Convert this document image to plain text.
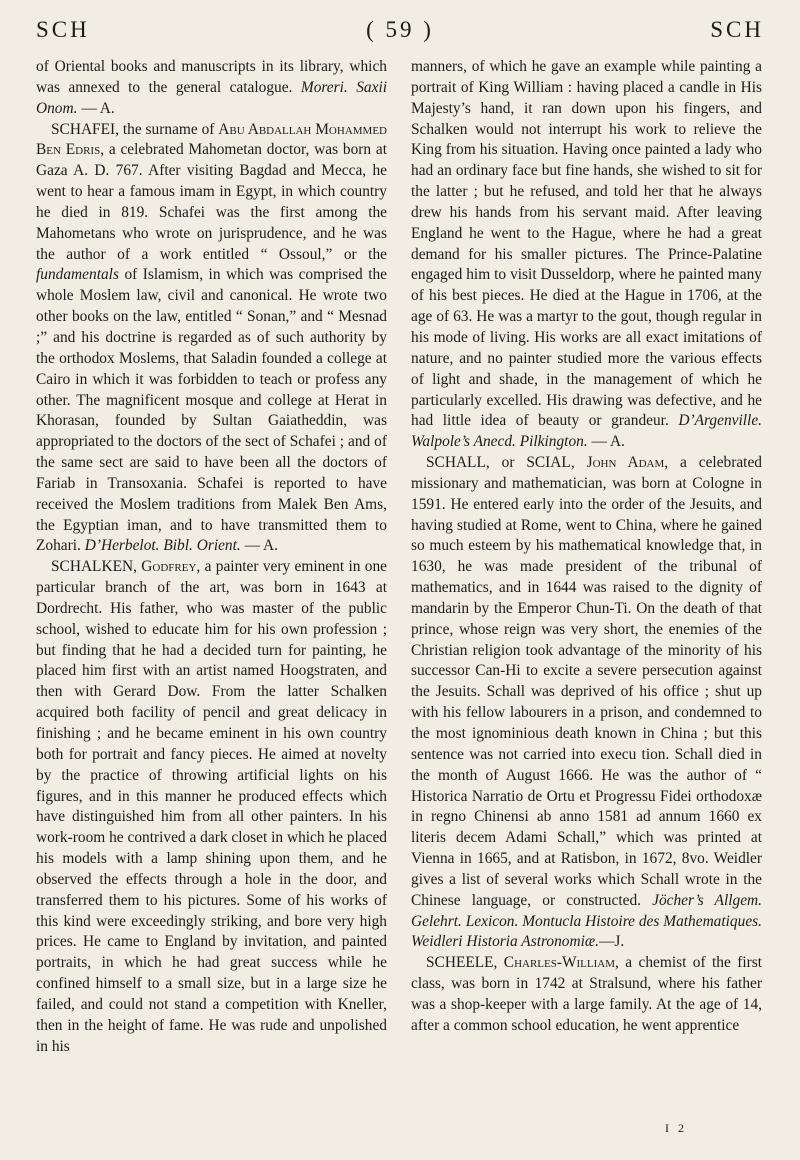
SCH	( 59 )	SCH

of Oriental books and manuscripts in its library, which was annexed to the general catalogue. Moreri. Saxii Onom. — A.

SCHAFEI, the surname of Abu Abdallah Mohammed Ben Edris, a celebrated Mahometan doctor, was born at Gaza A. D. 767. After visiting Bagdad and Mecca, he went to hear a famous imam in Egypt, in which country he died in 819. Schafei was the first among the Mahometans who wrote on jurisprudence, and he was the author of a work entitled “ Ossoul,” or the fundamentals of Islamism, in which was comprised the whole Moslem law, civil and canonical. He wrote two other books on the law, entitled “ Sonan,” and “ Mesnad ;” and his doctrine is regarded as of such authority by the orthodox Moslems, that Saladin founded a college at Cairo in which it was forbidden to teach or profess any other. The magnificent mosque and college at Herat in Khorasan, founded by Sultan Gaiatheddin, was appropriated to the doctors of the sect of Schafei ; and of the same sect are said to have been all the doctors of Fariab in Transoxania. Schafei is reported to have received the Moslem traditions from Malek Ben Ams, the Egyptian iman, and to have transmitted them to Zohari. D’Herbelot. Bibl. Orient. — A.

SCHALKEN, Godfrey, a painter very eminent in one particular branch of the art, was born in 1643 at Dordrecht. His father, who was master of the public school, wished to educate him for his own profession ; but finding that he had a decided turn for painting, he placed him first with an artist named Hoogstraten, and then with Gerard Dow. From the latter Schalken acquired both facility of pencil and great delicacy in finishing ; and he became eminent in his own country both for portrait and fancy pieces. He aimed at novelty by the practice of throwing artificial lights on his figures, and in this manner he produced effects which have distinguished him from all other painters. In his work-room he contrived a dark closet in which he placed his models with a lamp shining upon them, and he observed the effects through a hole in the door, and transferred them to his pictures. Some of his works of this kind were exceedingly striking, and bore very high prices. He came to England by invitation, and painted portraits, in which he had great success while he confined himself to a small size, but in a large size he failed, and could not stand a competition with Kneller, then in the height of fame. He was rude and unpolished in his

manners, of which he gave an example while painting a portrait of King William : having placed a candle in His Majesty’s hand, it ran down upon his fingers, and Schalken would not interrupt his work to relieve the King from his situation. Having once painted a lady who had an ordinary face but fine hands, she wished to sit for the latter ; but he refused, and told her that he always drew his hands from his servant maid. After leaving England he went to the Hague, where he had a great demand for his smaller pictures. The Prince-Palatine engaged him to visit Dusseldorp, where he painted many of his best pieces. He died at the Hague in 1706, at the age of 63. He was a martyr to the gout, though regular in his mode of living. His works are all exact imitations of nature, and no painter studied more the various effects of light and shade, in the management of which he particularly excelled. His drawing was defective, and he had little idea of beauty or grandeur. D’Argenville. Walpole’s Anecd. Pilkington. — A.

SCHALL, or SCIAL, John Adam, a celebrated missionary and mathematician, was born at Cologne in 1591. He entered early into the order of the Jesuits, and having studied at Rome, went to China, where he gained so much esteem by his mathematical knowledge that, in 1630, he was made president of the tribunal of mathematics, and in 1644 was raised to the dignity of mandarin by the Emperor Chun-Ti. On the death of that prince, whose reign was very short, the enemies of the Christian religion took advantage of the minority of his successor Can-Hi to excite a severe persecution against the Jesuits. Schall was deprived of his office ; shut up with his fellow labourers in a prison, and condemned to the most ignominious death known in China ; but this sentence was not carried into execu tion. Schall died in the month of August 1666. He was the author of “ Historica Narratio de Ortu et Progressu Fidei orthodoxæ in regno Chinensi ab anno 1581 ad annum 1660 ex literis decem Adami Schall,” which was printed at Vienna in 1665, and at Ratisbon, in 1672, 8vo. Weidler gives a list of several works which Schall wrote in the Chinese language, or constructed. Jöcher’s Allgem. Gelehrt. Lexicon. Montucla Histoire des Mathematiques. Weidleri Historia Astronomiæ.—J.

SCHEELE, Charles-William, a chemist of the first class, was born in 1742 at Stralsund, where his father was a shop-keeper with a large family. At the age of 14, after a common school education, he went apprentice

I 2
